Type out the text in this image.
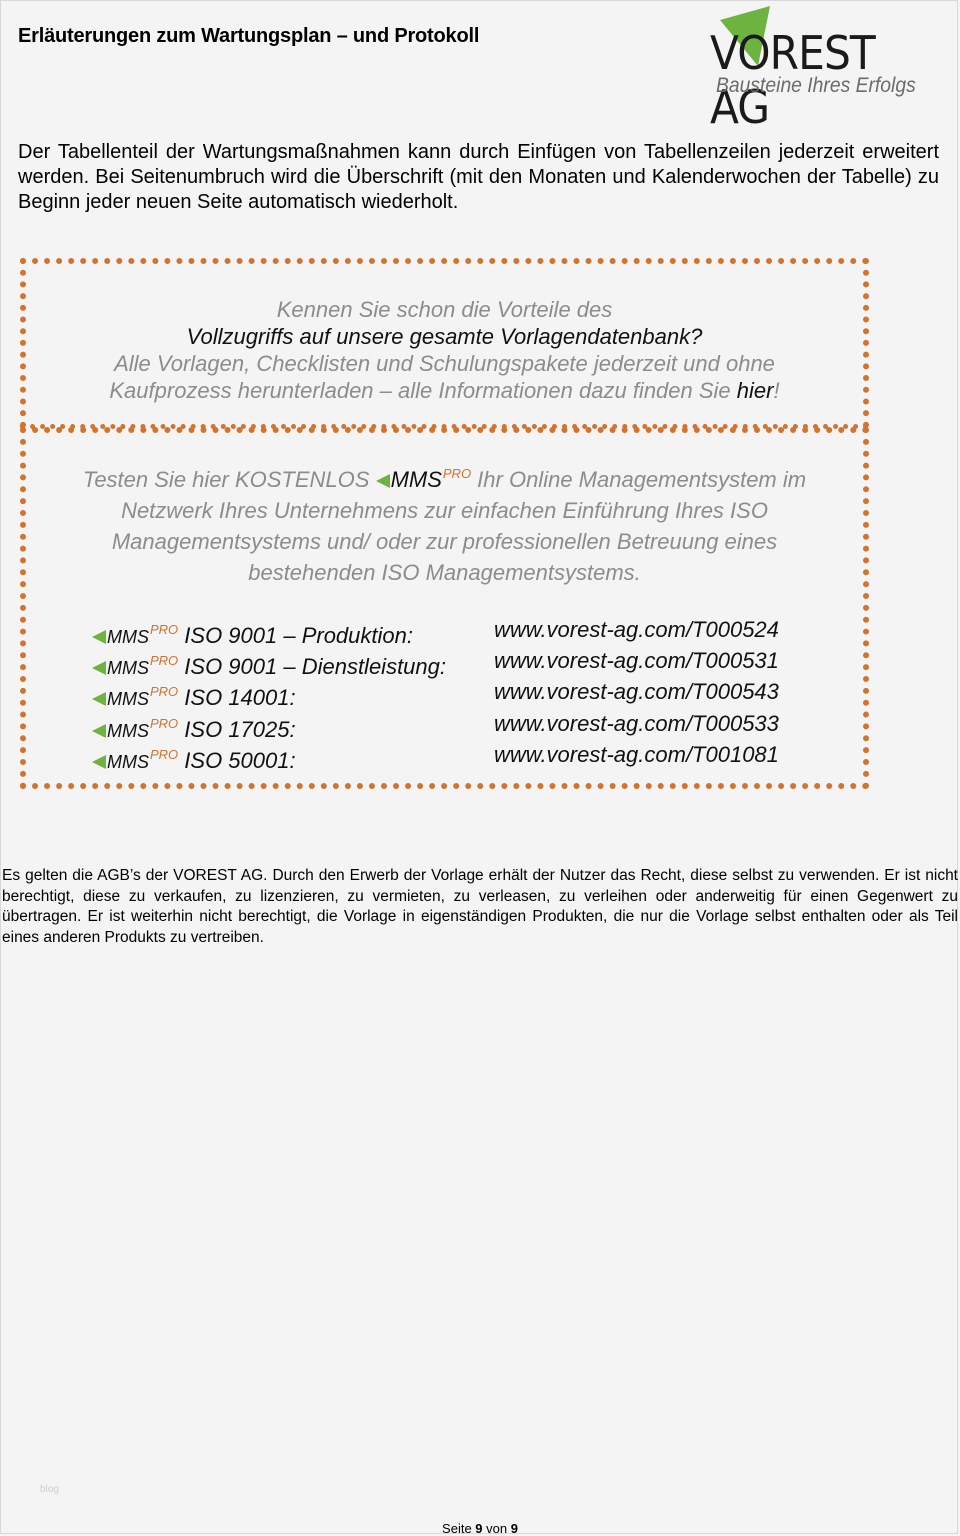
Erläuterungen zum Wartungsplan – und Protokoll	VOREST AG
Bausteine Ihres Erfolgs
Der Tabellenteil der Wartungsmaßnahmen kann durch Einfügen von Tabellenzeilen jederzeit erweitert werden. Bei Seitenumbruch wird die Überschrift (mit den Monaten und Kalenderwochen der Tabelle) zu Beginn jeder neuen Seite automatisch wiederholt.
Kennen Sie schon die Vorteile des
Vollzugriffs auf unsere gesamte Vorlagendatenbank?
Alle Vorlagen, Checklisten und Schulungspakete jederzeit und ohne
Kaufprozess herunterladen – alle Informationen dazu finden Sie hier!
Testen Sie hier KOSTENLOS $MMS^{PRO}$ Ihr Online Managementsystem im
Netzwerk Ihres Unternehmens zur einfachen Einführung Ihres ISO
Managementsystems und/ oder zur professionellen Betreuung eines
bestehenden ISO Managementsystems.
$MMS^{PRO}$ ISO 9001 – Produktion:	www.vorest-ag.com/T000524
$MMS^{PRO}$ ISO 9001 – Dienstleistung: www.vorest-ag.com/T000531
$MMS^{PRO}$ ISO 14001:	www.vorest-ag.com/T000543
$MMS^{PRO}$ ISO 17025:	www.vorest-ag.com/T000533
$MMS^{PRO}$ ISO 50001:	www.vorest-ag.com/T001081
Es gelten die AGB’s der VOREST AG. Durch den Erwerb der Vorlage erhält der Nutzer das Recht, diese selbst zu verwenden. Er ist nicht berechtigt, diese zu verkaufen, zu lizenzieren, zu vermieten, zu verleasen, zu verleihen oder anderweitig für einen Gegenwert zu übertragen. Er ist weiterhin nicht berechtigt, die Vorlage in eigenständigen Produkten, die nur die Vorlage selbst enthalten oder als Teil eines anderen Produkts zu vertreiben.
blog
Seite 9 von 9
